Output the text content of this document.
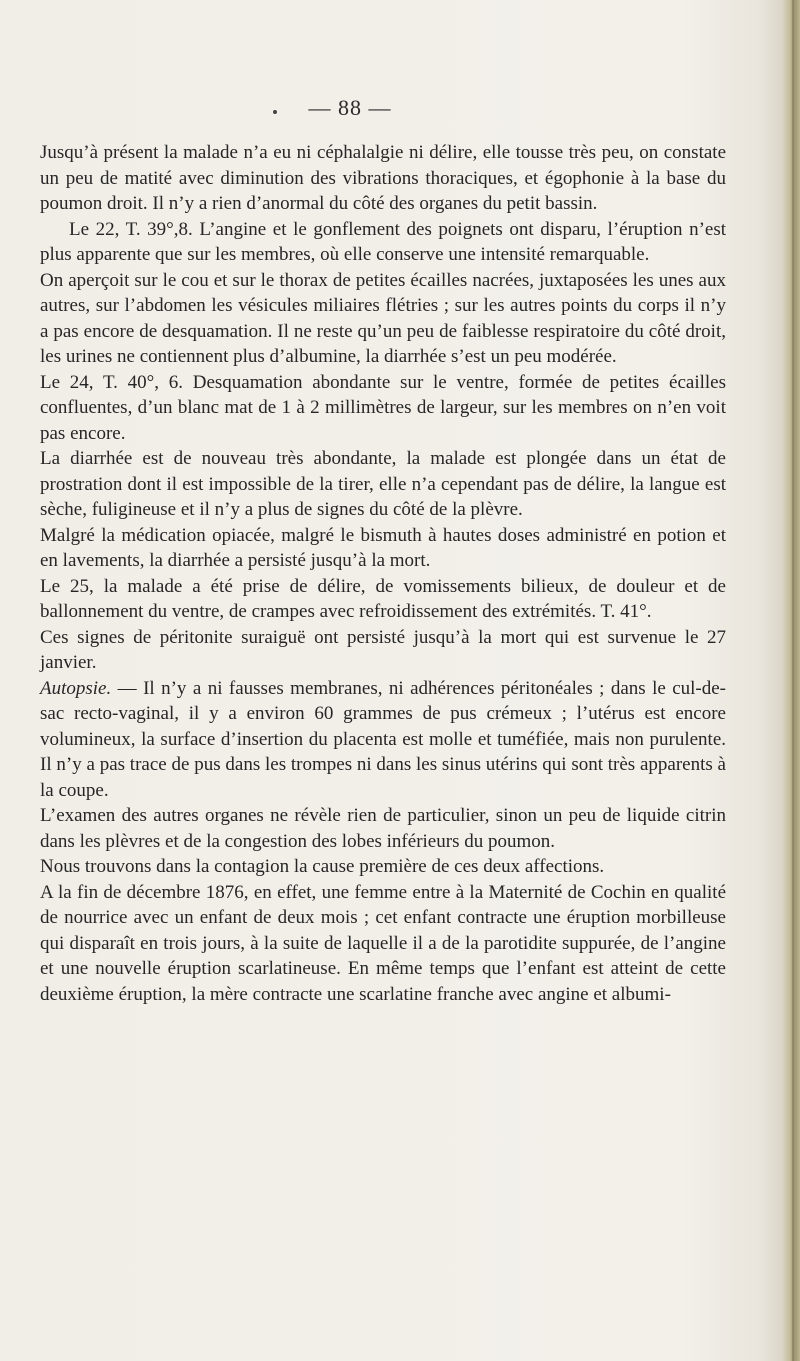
— 88 —

Jusqu’à présent la malade n’a eu ni céphalalgie ni délire, elle tousse très peu, on constate un peu de matité avec diminution des vibrations thoraciques, et égophonie à la base du poumon droit. Il n’y a rien d’anormal du côté des organes du petit bassin.

Le 22, T. 39°,8. L’angine et le gonflement des poignets ont disparu, l’éruption n’est plus apparente que sur les membres, où elle conserve une intensité remarquable.

On aperçoit sur le cou et sur le thorax de petites écailles nacrées, juxtaposées les unes aux autres, sur l’abdomen les vésicules miliaires flétries ; sur les autres points du corps il n’y a pas encore de desquamation. Il ne reste qu’un peu de faiblesse respiratoire du côté droit, les urines ne contiennent plus d’albumine, la diarrhée s’est un peu modérée.

Le 24, T. 40°, 6. Desquamation abondante sur le ventre, formée de petites écailles confluentes, d’un blanc mat de 1 à 2 millimètres de largeur, sur les membres on n’en voit pas encore.

La diarrhée est de nouveau très abondante, la malade est plongée dans un état de prostration dont il est impossible de la tirer, elle n’a cependant pas de délire, la langue est sèche, fuligineuse et il n’y a plus de signes du côté de la plèvre.

Malgré la médication opiacée, malgré le bismuth à hautes doses administré en potion et en lavements, la diarrhée a persisté jusqu’à la mort.

Le 25, la malade a été prise de délire, de vomissements bilieux, de douleur et de ballonnement du ventre, de crampes avec refroidissement des extrémités. T. 41°.

Ces signes de péritonite suraiguë ont persisté jusqu’à la mort qui est survenue le 27 janvier.

Autopsie. — Il n’y a ni fausses membranes, ni adhérences péritonéales ; dans le cul-de-sac recto-vaginal, il y a environ 60 grammes de pus crémeux ; l’utérus est encore volumineux, la surface d’insertion du placenta est molle et tuméfiée, mais non purulente. Il n’y a pas trace de pus dans les trompes ni dans les sinus utérins qui sont très apparents à la coupe.

L’examen des autres organes ne révèle rien de particulier, sinon un peu de liquide citrin dans les plèvres et de la congestion des lobes inférieurs du poumon.

Nous trouvons dans la contagion la cause première de ces deux affections.

A la fin de décembre 1876, en effet, une femme entre à la Maternité de Cochin en qualité de nourrice avec un enfant de deux mois ; cet enfant contracte une éruption morbilleuse qui disparaît en trois jours, à la suite de laquelle il a de la parotidite suppurée, de l’angine et une nouvelle éruption scarlatineuse. En même temps que l’enfant est atteint de cette deuxième éruption, la mère contracte une scarlatine franche avec angine et albumi-
